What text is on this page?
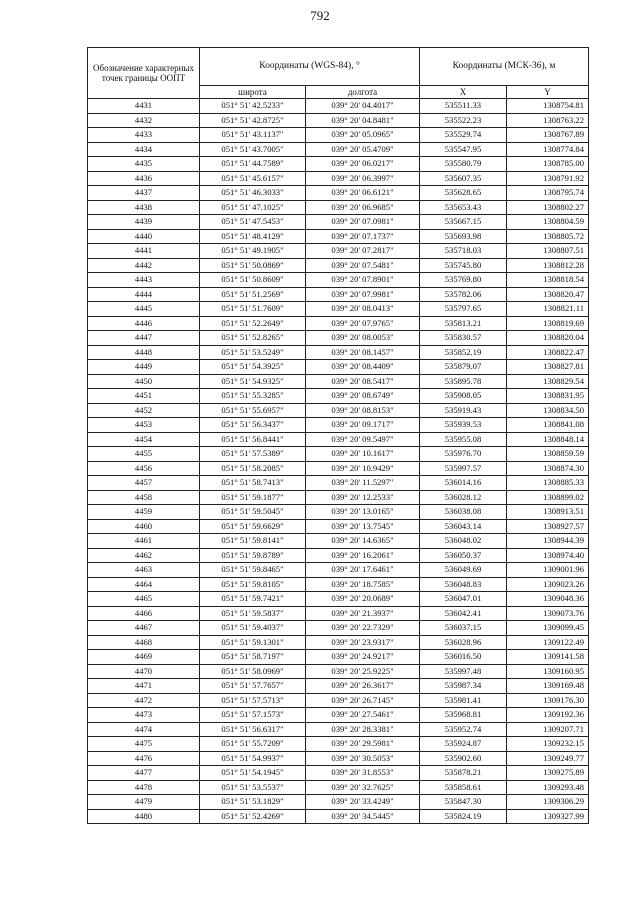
792
Обозначение характерных точек границы ООПТ	Координаты (WGS-84), °		Координаты (МСК-36), м	
	широта	долгота	X	Y
4431	051° 51' 42.5233"	039° 20' 04.4017"	535511.33	1308754.81
4432	051° 51' 42.8725"	039° 20' 04.8481"	535522.23	1308763.22
4433	051° 51' 43.1137"	039° 20' 05.0965"	535529.74	1308767.89
4434	051° 51' 43.7005"	039° 20' 05.4709"	535547.95	1308774.84
4435	051° 51' 44.7589"	039° 20' 06.0217"	535580.79	1308785.00
4436	051° 51' 45.6157"	039° 20' 06.3997"	535607.35	1308791.92
4437	051° 51' 46.3033"	039° 20' 06.6121"	535628.65	1308795.74
4438	051° 51' 47.1025"	039° 20' 06.9685"	535653.43	1308802.27
4439	051° 51' 47.5453"	039° 20' 07.0981"	535667.15	1308804.59
4440	051° 51' 48.4129"	039° 20' 07.1737"	535693.98	1308805.72
4441	051° 51' 49.1905"	039° 20' 07.2817"	535718.03	1308807.51
4442	051° 51' 50.0869"	039° 20' 07.5481"	535745.80	1308812.28
4443	051° 51' 50.8609"	039° 20' 07.8901"	535769.80	1308818.54
4444	051° 51' 51.2569"	039° 20' 07.9981"	535782.06	1308820.47
4445	051° 51' 51.7609"	039° 20' 08.0413"	535797.65	1308821.11
4446	051° 51' 52.2649"	039° 20' 07.9765"	535813.21	1308819.69
4447	051° 51' 52.8265"	039° 20' 08.0053"	535830.57	1308820.04
4448	051° 51' 53.5249"	039° 20' 08.1457"	535852.19	1308822.47
4449	051° 51' 54.3925"	039° 20' 08.4409"	535879.07	1308827.81
4450	051° 51' 54.9325"	039° 20' 08.5417"	535895.78	1308829.54
4451	051° 51' 55.3285"	039° 20' 08.6749"	535908.05	1308831.95
4452	051° 51' 55.6957"	039° 20' 08.8153"	535919.43	1308834.50
4453	051° 51' 56.3437"	039° 20' 09.1717"	535939.53	1308841.08
4454	051° 51' 56.8441"	039° 20' 09.5497"	535955.08	1308848.14
4455	051° 51' 57.5389"	039° 20' 10.1617"	535976.70	1308859.59
4456	051° 51' 58.2085"	039° 20' 10.9429"	535997.57	1308874.30
4457	051° 51' 58.7413"	039° 20' 11.5297"	536014.16	1308885.33
4458	051° 51' 59.1877"	039° 20' 12.2533"	536028.12	1308899.02
4459	051° 51' 59.5045"	039° 20' 13.0165"	536038.08	1308913.51
4460	051° 51' 59.6629"	039° 20' 13.7545"	536043.14	1308927.57
4461	051° 51' 59.8141"	039° 20' 14.6365"	536048.02	1308944.39
4462	051° 51' 59.8789"	039° 20' 16.2061"	536050.37	1308974.40
4463	051° 51' 59.8465"	039° 20' 17.6461"	536049.69	1309001.96
4464	051° 51' 59.8105"	039° 20' 18.7585"	536048.83	1309023.26
4465	051° 51' 59.7421"	039° 20' 20.0689"	536047.01	1309048.36
4466	051° 51' 59.5837"	039° 20' 21.3937"	536042.41	1309073.76
4467	051° 51' 59.4037"	039° 20' 22.7329"	536037.15	1309099.45
4468	051° 51' 59.1301"	039° 20' 23.9317"	536028.96	1309122.49
4469	051° 51' 58.7197"	039° 20' 24.9217"	536016.50	1309141.58
4470	051° 51' 58.0969"	039° 20' 25.9225"	535997.48	1309160.95
4471	051° 51' 57.7657"	039° 20' 26.3617"	535987.34	1309169.48
4472	051° 51' 57.5713"	039° 20' 26.7145"	535981.41	1309176.30
4473	051° 51' 57.1573"	039° 20' 27.5461"	535968.81	1309192.36
4474	051° 51' 56.6317"	039° 20' 28.3381"	535952.74	1309207.71
4475	051° 51' 55.7209"	039° 20' 29.5981"	535924.87	1309232.15
4476	051° 51' 54.9937"	039° 20' 30.5053"	535902.60	1309249.77
4477	051° 51' 54.1945"	039° 20' 31.8553"	535878.21	1309275.89
4478	051° 51' 53.5537"	039° 20' 32.7625"	535858.61	1309293.48
4479	051° 51' 53.1829"	039° 20' 33.4249"	535847.30	1309306.29
4480	051° 51' 52.4269"	039° 20' 34.5445"	535824.19	1309327.99
